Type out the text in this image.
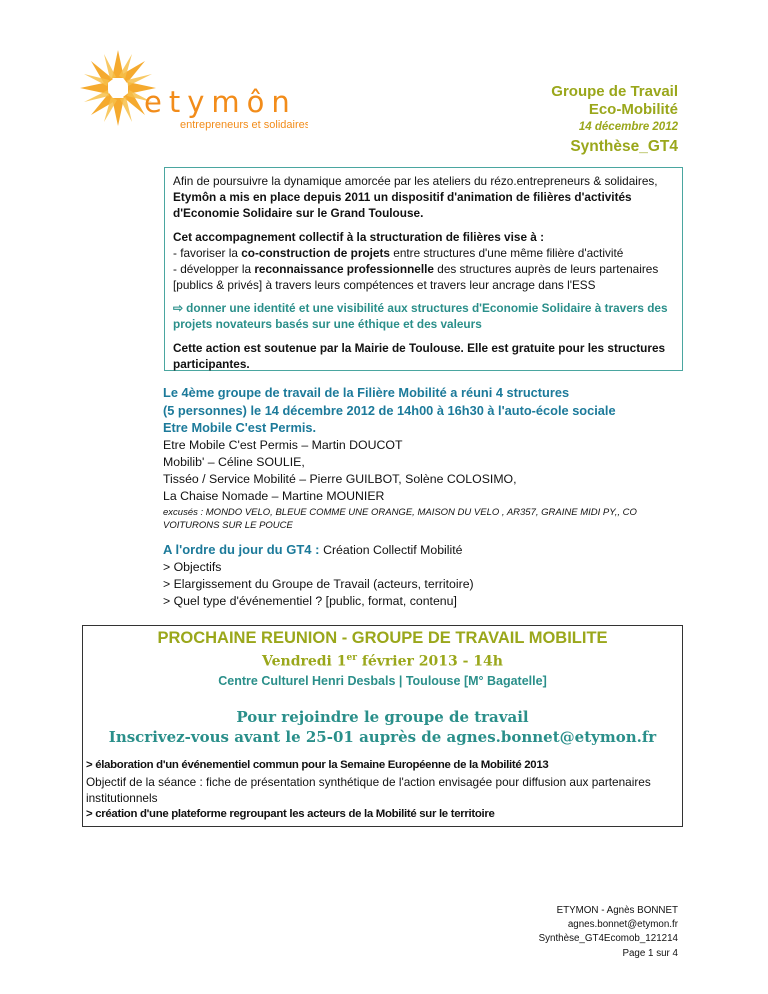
etymôn
entrepreneurs et solidaires
Groupe de Travail
Eco-Mobilité
14 décembre 2012
Synthèse_GT4

Afin de poursuivre la dynamique amorcée par les ateliers du rézo.entrepreneurs & solidaires,
Etymôn a mis en place depuis 2011 un dispositif d'animation de filières d'activités d'Economie Solidaire sur le Grand Toulouse.

Cet accompagnement collectif à la structuration de filières vise à :
- favoriser la co-construction de projets entre structures d'une même filière d'activité
- développer la reconnaissance professionnelle des structures auprès de leurs partenaires [publics & privés] à travers leurs compétences et travers leur ancrage dans l'ESS

⇨ donner une identité et une visibilité aux structures d'Economie Solidaire à travers des projets novateurs basés sur une éthique et des valeurs

Cette action est soutenue par la Mairie de Toulouse. Elle est gratuite pour les structures participantes.

Le 4ème groupe de travail de la Filière Mobilité a réuni 4 structures
(5 personnes) le 14 décembre 2012 de 14h00 à 16h30 à l'auto-école sociale
Etre Mobile C'est Permis.
Etre Mobile C'est Permis – Martin DOUCOT
Mobilib' – Céline SOULIE,
Tisséo / Service Mobilité – Pierre GUILBOT, Solène COLOSIMO,
La Chaise Nomade – Martine MOUNIER
excusés : MONDO VELO, BLEUE COMME UNE ORANGE, MAISON DU VELO , AR357, GRAINE MIDI PY,, CO VOITURONS SUR LE POUCE
A l'ordre du jour du GT4 : Création Collectif Mobilité
> Objectifs
> Elargissement du Groupe de Travail (acteurs, territoire)
> Quel type d'événementiel ? [public, format, contenu]
PROCHAINE REUNION - GROUPE DE TRAVAIL MOBILITE
Vendredi 1er février 2013 - 14h
Centre Culturel Henri Desbals | Toulouse [M° Bagatelle]
Pour rejoindre le groupe de travail
Inscrivez-vous avant le 25-01 auprès de agnes.bonnet@etymon.fr
> élaboration d'un événementiel commun pour la Semaine Européenne de la Mobilité 2013
Objectif de la séance : fiche de présentation synthétique de l'action envisagée pour diffusion aux partenaires institutionnels
> création d'une plateforme regroupant les acteurs de la Mobilité sur le territoire
ETYMON - Agnès BONNET
agnes.bonnet@etymon.fr
Synthèse_GT4Ecomob_121214
Page 1 sur 4
